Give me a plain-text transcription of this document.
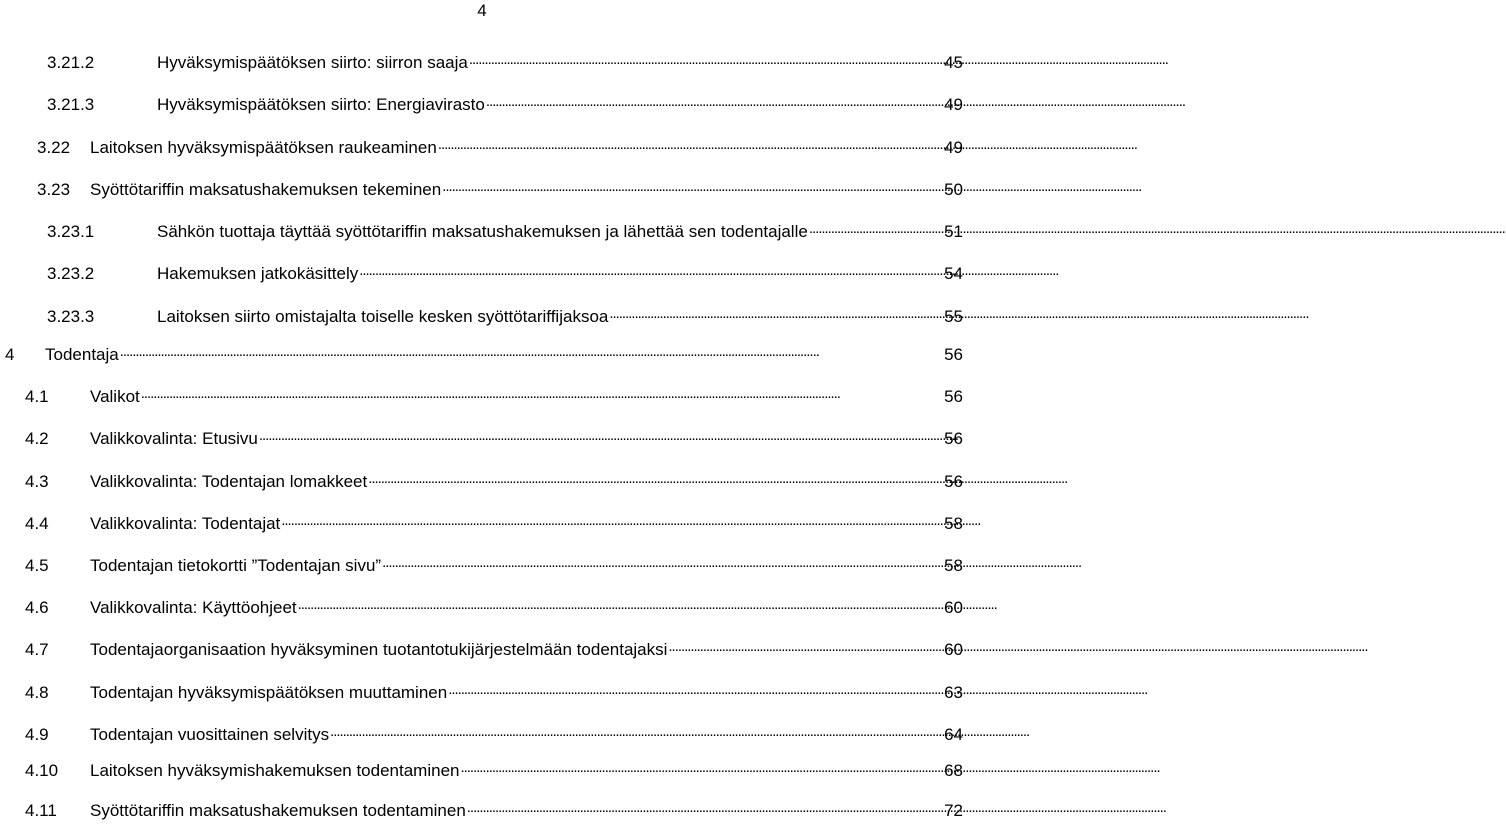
4
3.21.2	Hyväksymispäätöksen siirto: siirron saaja . . .	45
3.21.3	Hyväksymispäätöksen siirto: Energiavirasto . . .	49
3.22	Laitoksen hyväksymispäätöksen raukeaminen . . .	49
3.23	Syöttötariffin maksatushakemuksen tekeminen . . .	50
3.23.1	Sähkön tuottaja täyttää syöttötariffin maksatushakemuksen ja lähettää sen todentajalle . . .	51
3.23.2	Hakemuksen jatkokäsittely . . .	54
3.23.3	Laitoksen siirto omistajalta toiselle kesken syöttötariffijaksoa . . .	55
4	Todentaja . . .	56
4.1	Valikot . . .	56
4.2	Valikkovalinta: Etusivu . . .	56
4.3	Valikkovalinta: Todentajan lomakkeet . . .	56
4.4	Valikkovalinta: Todentajat . . .	58
4.5	Todentajan tietokortti ”Todentajan sivu” . . .	58
4.6	Valikkovalinta: Käyttöohjeet . . .	60
4.7	Todentajaorganisaation hyväksyminen tuotantotukijärjestelmään todentajaksi . . .	60
4.8	Todentajan hyväksymispäätöksen muuttaminen . . .	63
4.9	Todentajan vuosittainen selvitys . . .	64
4.10	Laitoksen hyväksymishakemuksen todentaminen . . .	68
4.11	Syöttötariffin maksatushakemuksen todentaminen . . .	72
